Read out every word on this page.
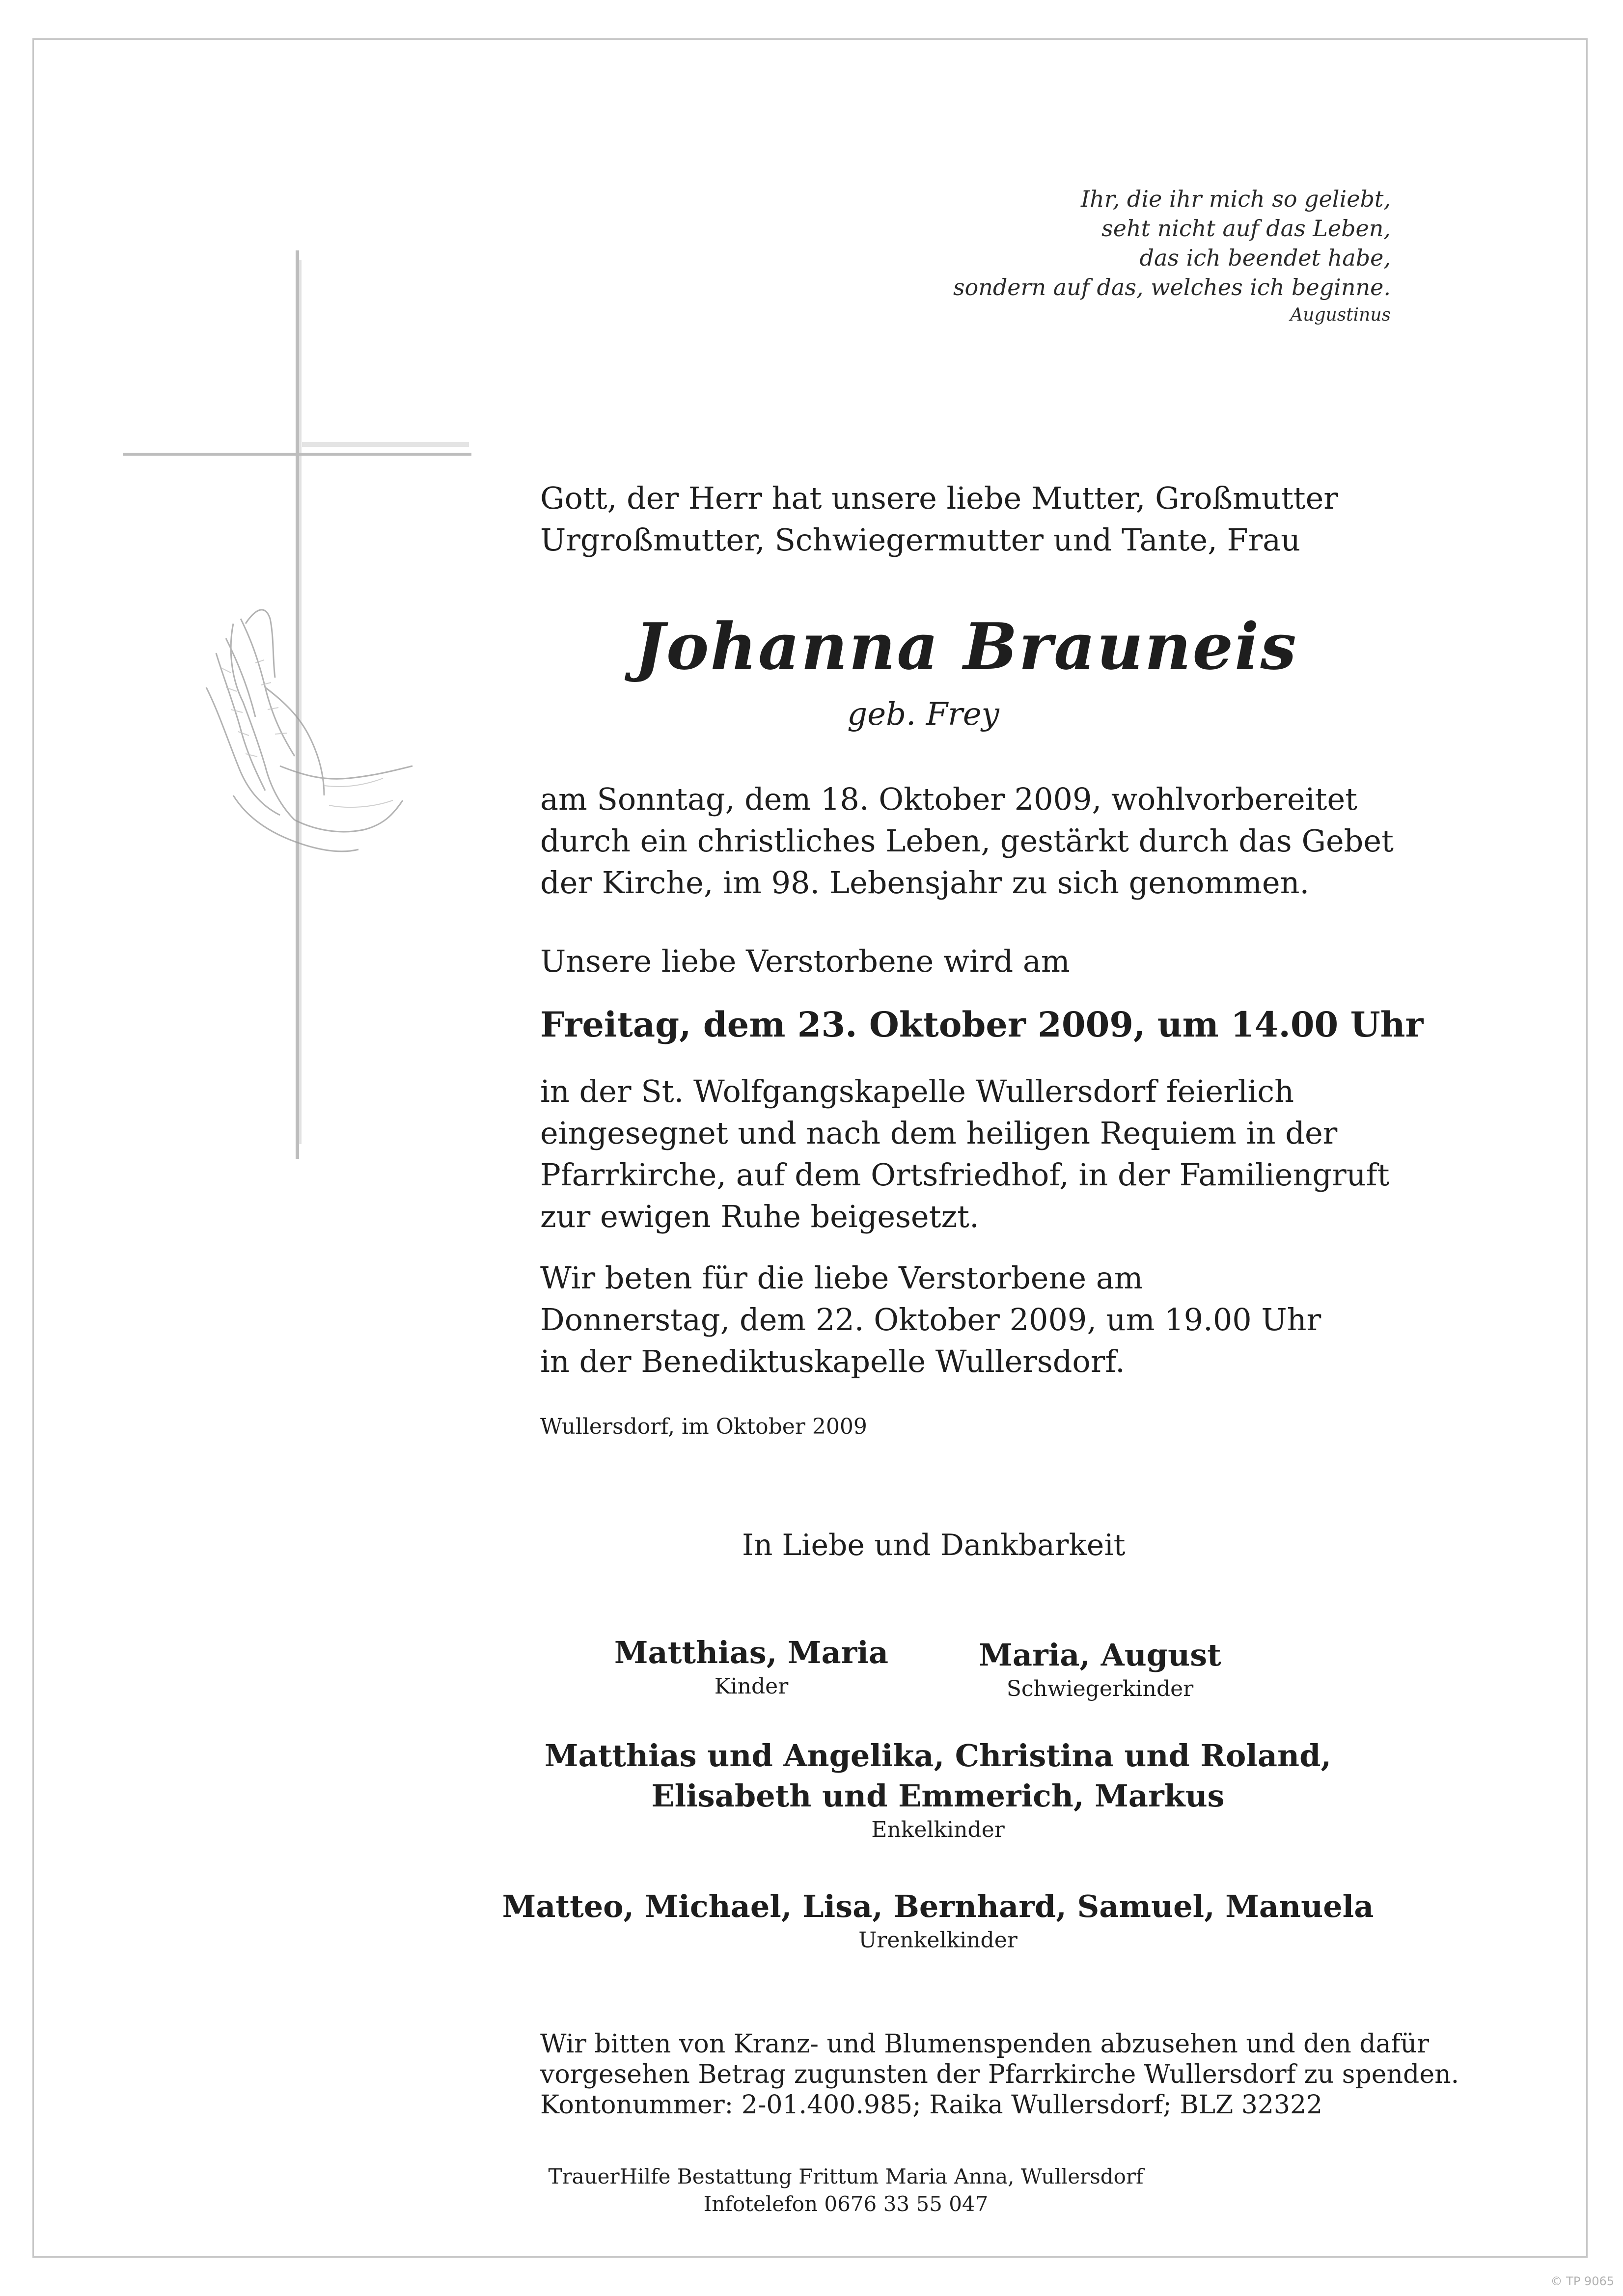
Ihr, die ihr mich so geliebt,
seht nicht auf das Leben,
das ich beendet habe,
sondern auf das, welches ich beginne.
Augustinus
Gott, der Herr hat unsere liebe Mutter, Großmutter
Urgroßmutter, Schwiegermutter und Tante, Frau
Johanna Brauneis
geb. Frey
am Sonntag, dem 18. Oktober 2009, wohlvorbereitet
durch ein christliches Leben, gestärkt durch das Gebet
der Kirche, im 98. Lebensjahr zu sich genommen.
Unsere liebe Verstorbene wird am
Freitag, dem 23. Oktober 2009, um 14.00 Uhr
in der St. Wolfgangskapelle Wullersdorf feierlich
eingesegnet und nach dem heiligen Requiem in der
Pfarrkirche, auf dem Ortsfriedhof, in der Familiengruft
zur ewigen Ruhe beigesetzt.
Wir beten für die liebe Verstorbene am
Donnerstag, dem 22. Oktober 2009, um 19.00 Uhr
in der Benediktuskapelle Wullersdorf.
Wullersdorf, im Oktober 2009
In Liebe und Dankbarkeit
Matthias, Maria
Kinder
Maria, August
Schwiegerkinder
Matthias und Angelika, Christina und Roland,
Elisabeth und Emmerich, Markus
Enkelkinder
Matteo, Michael, Lisa, Bernhard, Samuel, Manuela
Urenkelkinder
Wir bitten von Kranz- und Blumenspenden abzusehen und den dafür
vorgesehen Betrag zugunsten der Pfarrkirche Wullersdorf zu spenden.
Kontonummer: 2-01.400.985; Raika Wullersdorf; BLZ 32322
TrauerHilfe Bestattung Frittum Maria Anna, Wullersdorf
Infotelefon 0676 33 55 047
© TP 9065
